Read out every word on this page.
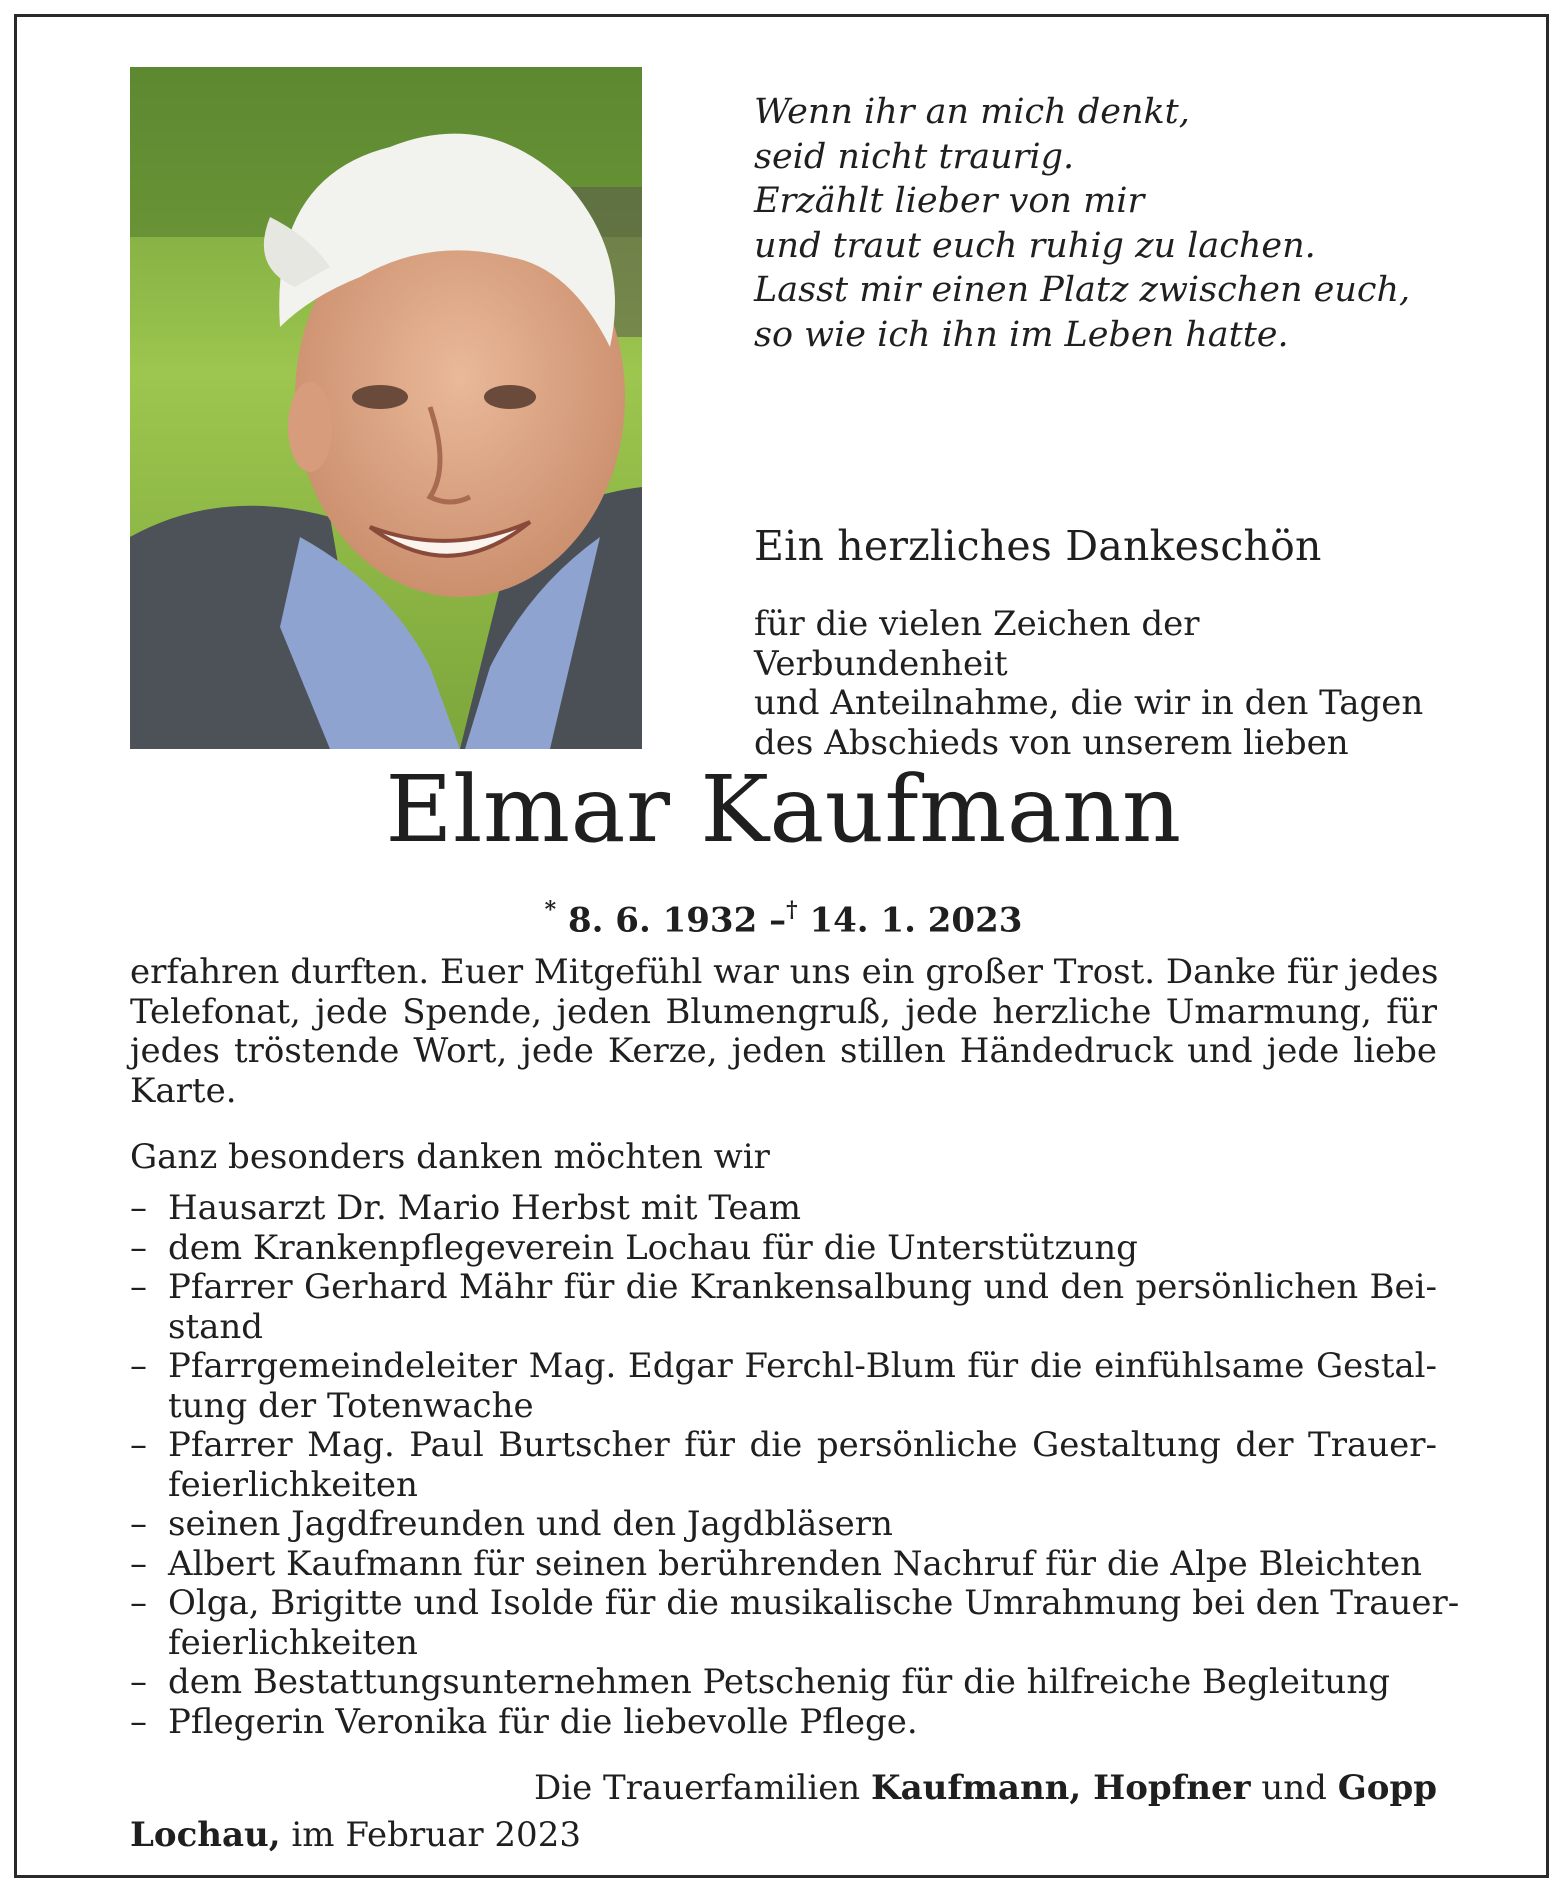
Wenn ihr an mich denkt,
seid nicht traurig.
Erzählt lieber von mir
und traut euch ruhig zu lachen.
Lasst mir einen Platz zwischen euch,
so wie ich ihn im Leben hatte.
Ein herzliches Dankeschön
für die vielen Zeichen der Verbundenheit
und Anteilnahme, die wir in den Tagen
des Abschieds von unserem lieben
Elmar Kaufmann
* 8. 6. 1932 –† 14. 1. 2023
erfahren durften. Euer Mitgefühl war uns ein großer Trost. Danke für jedes
Telefonat, jede Spende, jeden Blumengruß, jede herzliche Umarmung, für
jedes tröstende Wort, jede Kerze, jeden stillen Händedruck und jede liebe
Karte.
Ganz besonders danken möchten wir
– Hausarzt Dr. Mario Herbst mit Team
– dem Krankenpflegeverein Lochau für die Unterstützung
– Pfarrer Gerhard Mähr für die Krankensalbung und den persönlichen Bei-
stand
– Pfarrgemeindeleiter Mag. Edgar Ferchl-Blum für die einfühlsame Gestal-
tung der Totenwache
– Pfarrer Mag. Paul Burtscher für die persönliche Gestaltung der Trauer-
feierlichkeiten
– seinen Jagdfreunden und den Jagdbläsern
– Albert Kaufmann für seinen berührenden Nachruf für die Alpe Bleichten
– Olga, Brigitte und Isolde für die musikalische Umrahmung bei den Trauer-
feierlichkeiten
– dem Bestattungsunternehmen Petschenig für die hilfreiche Begleitung
– Pflegerin Veronika für die liebevolle Pflege.
Die Trauerfamilien Kaufmann, Hopfner und Gopp
Lochau, im Februar 2023
